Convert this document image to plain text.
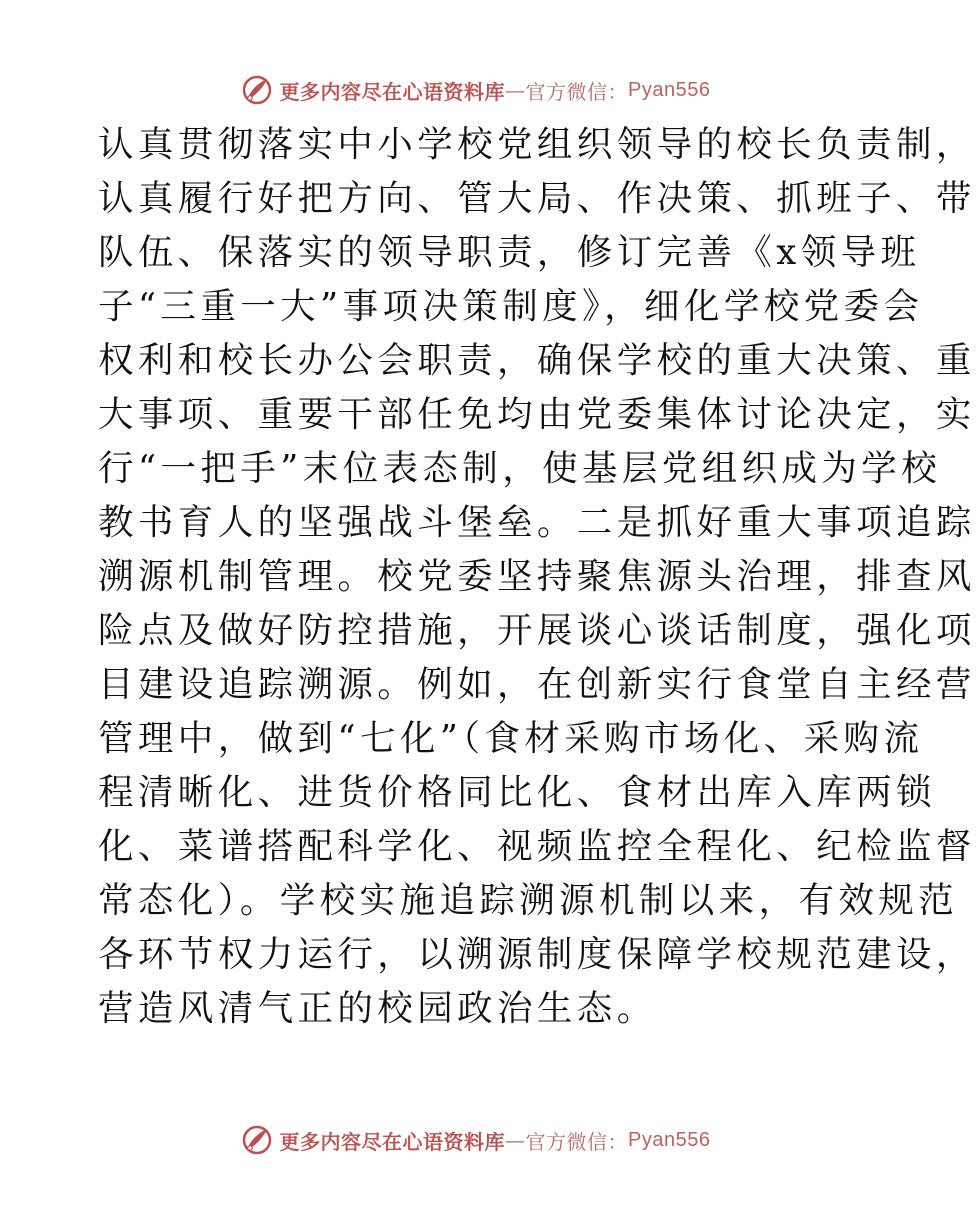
更多内容尽在心语资料库 — 官方微信： Pyan556
认真贯彻落实中小学校党组织领导的校长负责制，
认真履行好把方向、管大局、作决策、抓班子、带
队伍、保落实的领导职责，修订完善《x领导班
子“三重一大”事项决策制度》，细化学校党委会
权利和校长办公会职责，确保学校的重大决策、重
大事项、重要干部任免均由党委集体讨论决定，实
行“一把手”末位表态制，使基层党组织成为学校
教书育人的坚强战斗堡垒。二是抓好重大事项追踪
溯源机制管理。校党委坚持聚焦源头治理，排查风
险点及做好防控措施，开展谈心谈话制度，强化项
目建设追踪溯源。例如，在创新实行食堂自主经营
管理中，做到“七化”（食材采购市场化、采购流
程清晰化、进货价格同比化、食材出库入库两锁
化、菜谱搭配科学化、视频监控全程化、纪检监督
常态化）。学校实施追踪溯源机制以来，有效规范
各环节权力运行，以溯源制度保障学校规范建设，
营造风清气正的校园政治生态。
更多内容尽在心语资料库 — 官方微信： Pyan556
